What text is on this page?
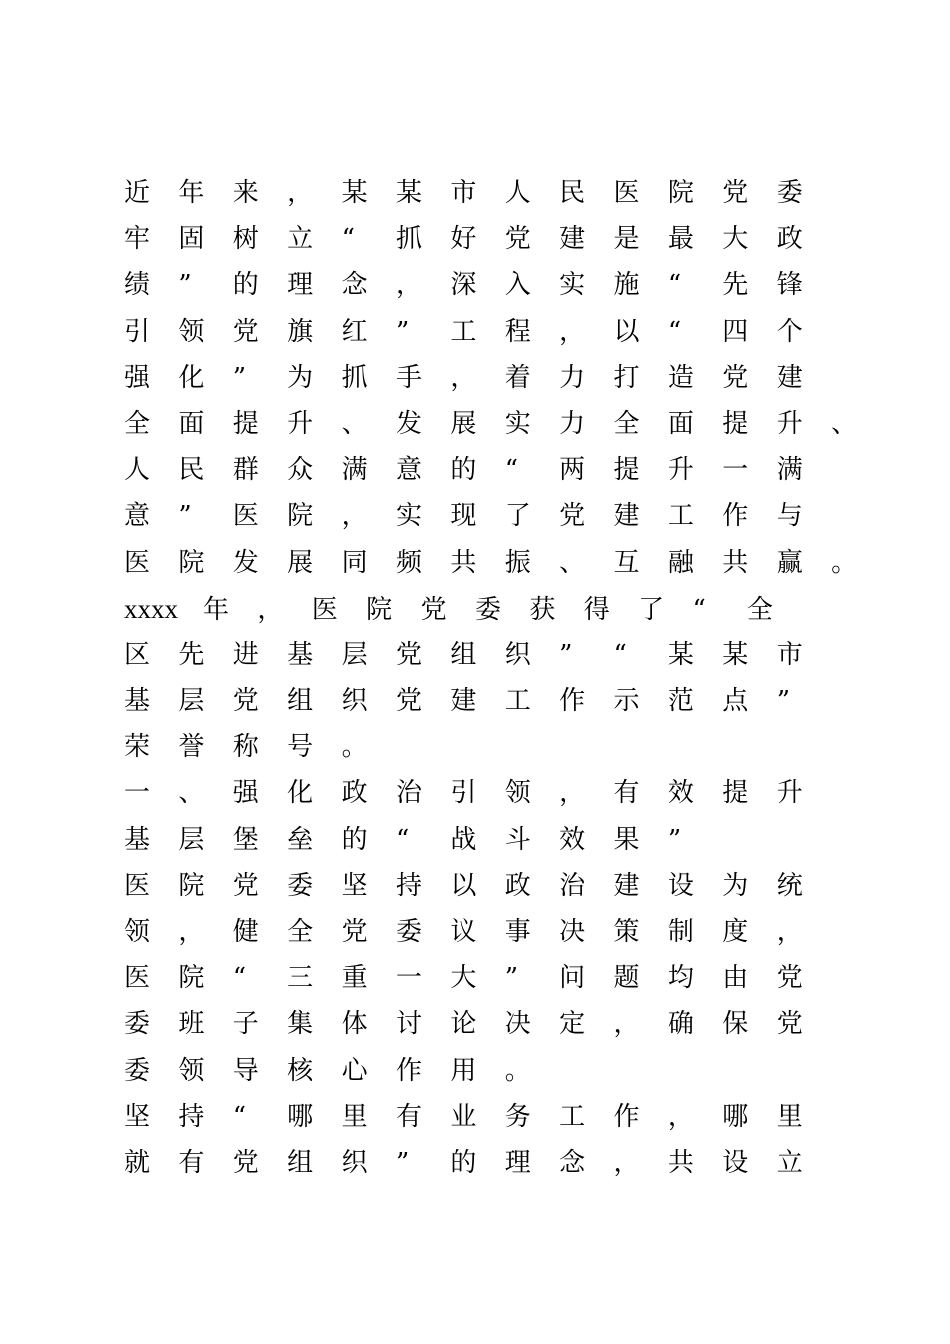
近 年 来 ， 某 某 市 人 民 医 院 党 委
牢 固 树 立 “ 抓 好 党 建 是 最 大 政
绩 ” 的 理 念 ， 深 入 实 施 “ 先 锋
引 领 党 旗 红 ” 工 程 ， 以 “ 四 个
强 化 ” 为 抓 手 ， 着 力 打 造 党 建
全 面 提 升 、 发 展 实 力 全 面 提 升 、
人 民 群 众 满 意 的 “ 两 提 升 一 满
意 ” 医 院 ， 实 现 了 党 建 工 作 与
医 院 发 展 同 频 共 振 、 互 融 共 赢 。
xxxx 年 ， 医 院 党 委 获 得 了 “ 全
区 先 进 基 层 党 组 织 ” “ 某 某 市
基 层 党 组 织 党 建 工 作 示 范 点 ”
荣 誉 称 号 。
一 、 强 化 政 治 引 领 ， 有 效 提 升
基 层 堡 垒 的 “ 战 斗 效 果 ”
医 院 党 委 坚 持 以 政 治 建 设 为 统
领 ， 健 全 党 委 议 事 决 策 制 度 ，
医 院 “ 三 重 一 大 ” 问 题 均 由 党
委 班 子 集 体 讨 论 决 定 ， 确 保 党
委 领 导 核 心 作 用 。
坚 持 “ 哪 里 有 业 务 工 作 ， 哪 里
就 有 党 组 织 ” 的 理 念 ， 共 设 立
